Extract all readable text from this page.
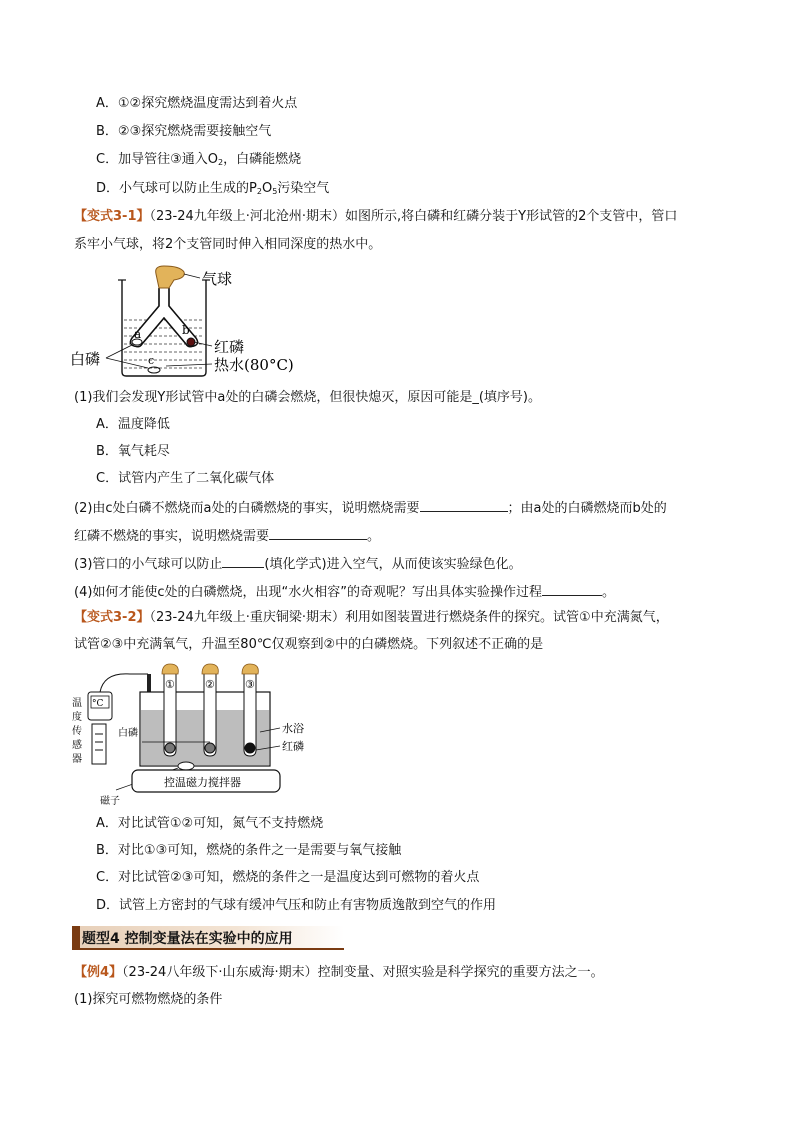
A．①②探究燃烧温度需达到着火点
B．②③探究燃烧需要接触空气
C．加导管往③通入$O_2$，白磷能燃烧
D．小气球可以防止生成的$P_2O_5$污染空气
【变式3-1】（23-24九年级上·河北沧州·期末）如图所示,将白磷和红磷分装于Y形试管的2个支管中，管口
系牢小气球，将2个支管同时伸入相同深度的热水中。
气球
a	b
c
红磷
白磷	热水(80°C)
(1)我们会发现Y形试管中a处的白磷会燃烧，但很快熄灭，原因可能是_(填序号)。
A．温度降低
B．氧气耗尽
C．试管内产生了二氧化碳气体
(2)由c处白磷不燃烧而a处的白磷燃烧的事实，说明燃烧需要	；由a处的白磷燃烧而b处的
红磷不燃烧的事实，说明燃烧需要	。
(3)管口的小气球可以防止	(填化学式)进入空气，从而使该实验绿色化。
(4)如何才能使c处的白磷燃烧，出现“水火相容”的奇观呢？写出具体实验操作过程	。
【变式3-2】（23-24九年级上·重庆铜梁·期末）利用如图装置进行燃烧条件的探究。试管①中充满氮气，
试管②③中充满氧气，升温至80℃仅观察到②中的白磷燃烧。下列叙述不正确的是
°C
温
度
传
感
器
温度传感器
①	②	③
白磷	水浴
红磷
磁子
控温磁力搅拌器
A．对比试管①②可知，氮气不支持燃烧
B．对比①③可知，燃烧的条件之一是需要与氧气接触
C．对比试管②③可知，燃烧的条件之一是温度达到可燃物的着火点
D．试管上方密封的气球有缓冲气压和防止有害物质逸散到空气的作用
题型4 控制变量法在实验中的应用
【例4】（23-24八年级下·山东威海·期末）控制变量、对照实验是科学探究的重要方法之一。
(1)探究可燃物燃烧的条件
